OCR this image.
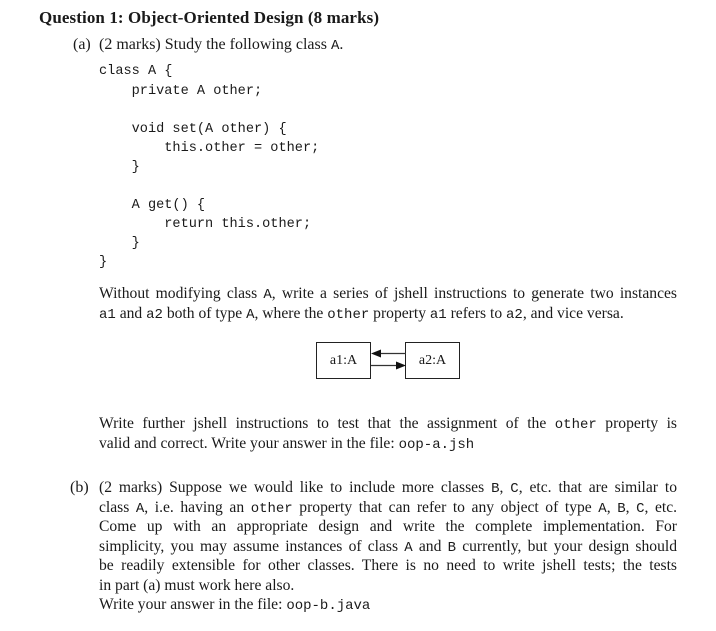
Question 1: Object-Oriented Design (8 marks)
(a) (2 marks) Study the following class A.
class A {
private A other;
void set(A other) {
this.other = other;
}
A get() {
return this.other;
}
}
Without modifying class A, write a series of jshell instructions to generate two instances
a1 and a2 both of type A, where the other property a1 refers to a2, and vice versa.
a1:A	a2:A
Write further jshell instructions to test that the assignment of the other property is
valid and correct. Write your answer in the file: oop-a.jsh
(b) (2 marks) Suppose we would like to include more classes B, C, etc. that are similar to
class A, i.e. having an other property that can refer to any object of type A, B, C, etc.
Come up with an appropriate design and write the complete implementation. For
simplicity, you may assume instances of class A and B currently, but your design should
be readily extensible for other classes. There is no need to write jshell tests; the tests
in part (a) must work here also.
Write your answer in the file: oop-b.java
